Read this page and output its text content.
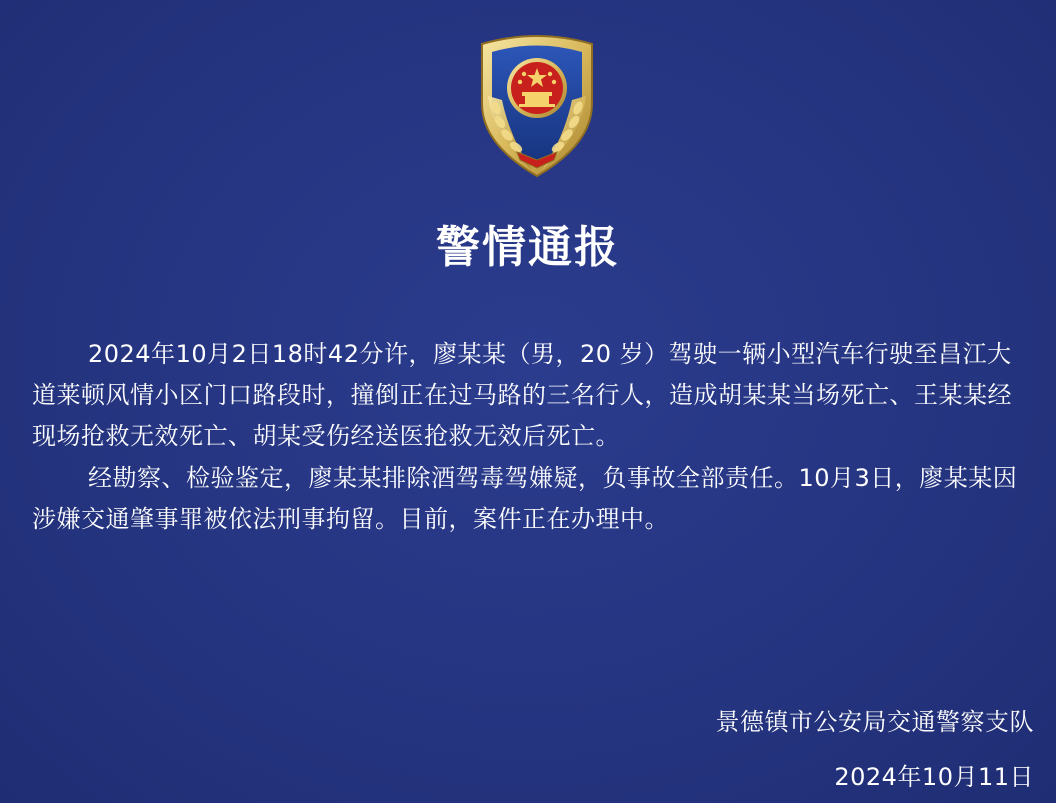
警情通报

2024年10月2日18时42分许，廖某某（男，20 岁）驾驶一辆小型汽车行驶至昌江大道莱顿风情小区门口路段时，撞倒正在过马路的三名行人，造成胡某某当场死亡、王某某经现场抢救无效死亡、胡某受伤经送医抢救无效后死亡。

经勘察、检验鉴定，廖某某排除酒驾毒驾嫌疑，负事故全部责任。10月3日，廖某某因涉嫌交通肇事罪被依法刑事拘留。目前，案件正在办理中。

景德镇市公安局交通警察支队
2024年10月11日
